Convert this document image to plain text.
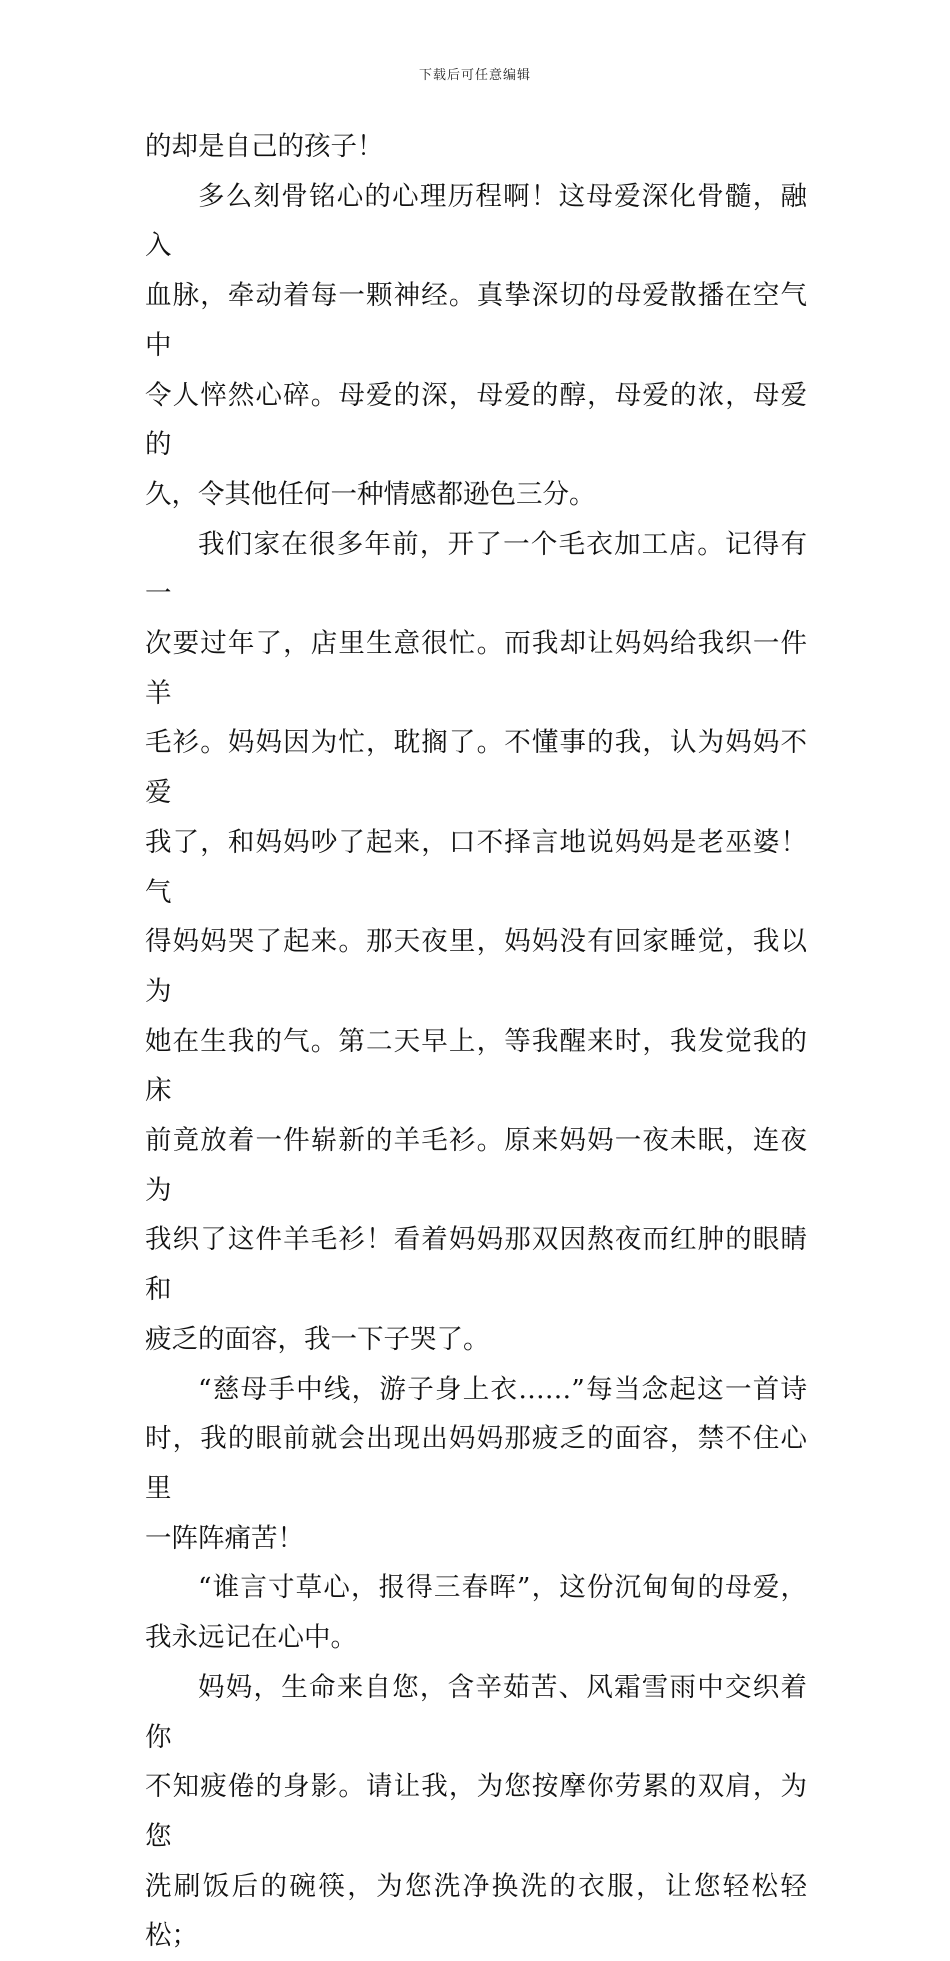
下载后可任意编辑
的却是自己的孩子！
多么刻骨铭心的心理历程啊！这母爱深化骨髓，融入
血脉，牵动着每一颗神经。真挚深切的母爱散播在空气中
令人悴然心碎。母爱的深，母爱的醇，母爱的浓，母爱的
久，令其他任何一种情感都逊色三分。
我们家在很多年前，开了一个毛衣加工店。记得有一
次要过年了，店里生意很忙。而我却让妈妈给我织一件羊
毛衫。妈妈因为忙，耽搁了。不懂事的我，认为妈妈不爱
我了，和妈妈吵了起来，口不择言地说妈妈是老巫婆！气
得妈妈哭了起来。那天夜里，妈妈没有回家睡觉，我以为
她在生我的气。第二天早上，等我醒来时，我发觉我的床
前竟放着一件崭新的羊毛衫。原来妈妈一夜未眠，连夜为
我织了这件羊毛衫！看着妈妈那双因熬夜而红肿的眼睛和
疲乏的面容，我一下子哭了。
“慈母手中线，游子身上衣……”每当念起这一首诗
时，我的眼前就会出现出妈妈那疲乏的面容，禁不住心里
一阵阵痛苦！
“谁言寸草心，报得三春晖”，这份沉甸甸的母爱，
我永远记在心中。
妈妈，生命来自您，含辛茹苦、风霜雪雨中交织着你
不知疲倦的身影。请让我，为您按摩你劳累的双肩，为您
洗刷饭后的碗筷，为您洗净换洗的衣服，让您轻松轻松；
